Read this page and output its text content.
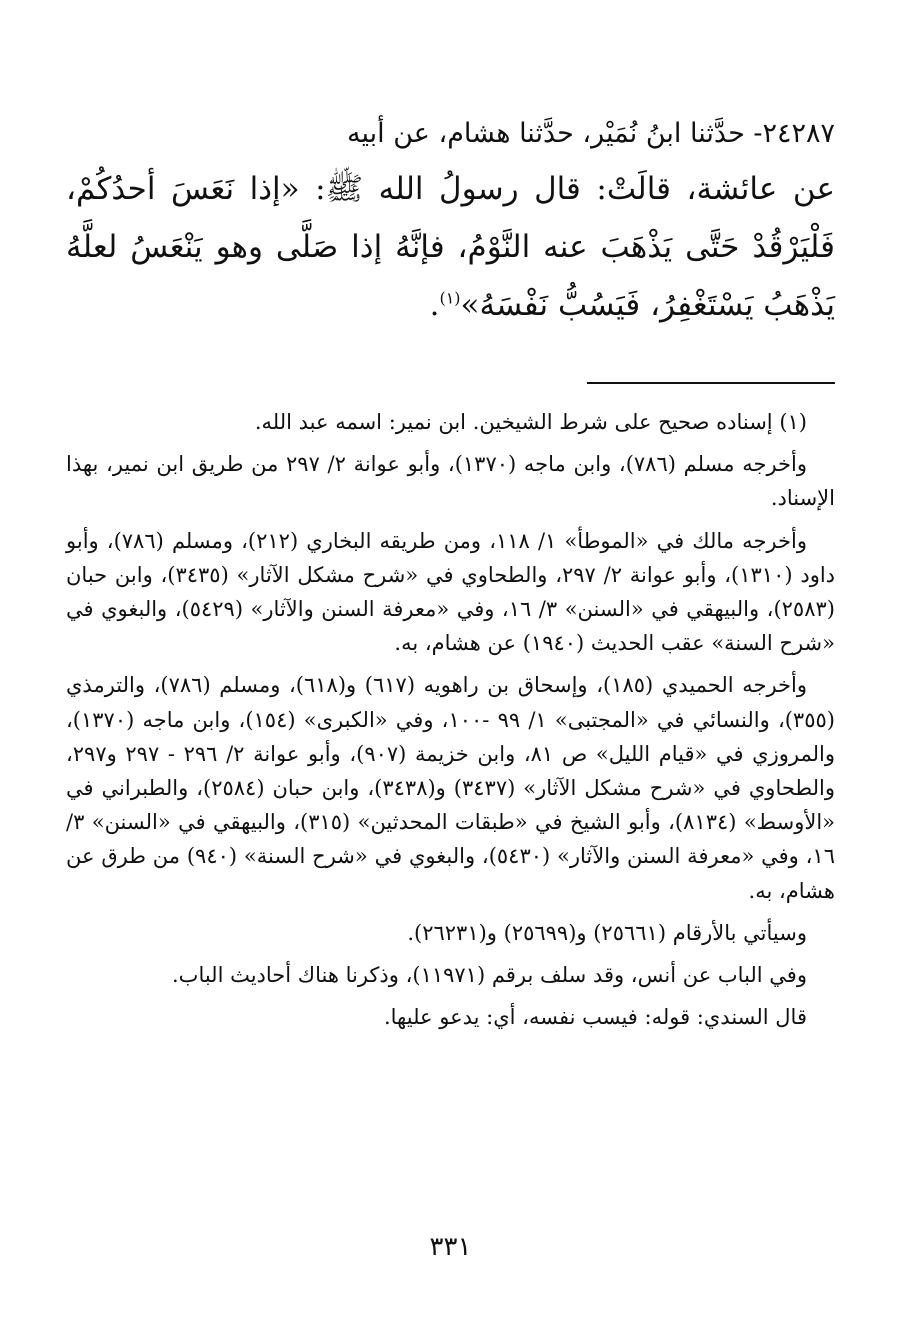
٢٤٢٨٧- حدَّثنا ابنُ نُمَيْر، حدَّثنا هشام، عن أبيه

عن عائشة، قالَتْ: قال رسولُ الله ﷺ: «إذا نَعَسَ أحدُكُمْ، فَلْيَرْقُدْ حَتَّى يَذْهَبَ عنه النَّوْمُ، فإنَّهُ إذا صَلَّى وهو يَنْعَسُ لعلَّهُ يَذْهَبُ يَسْتَغْفِرُ، فَيَسُبُّ نَفْسَهُ»$^{(١)}$.

(١) إسناده صحيح على شرط الشيخين. ابن نمير: اسمه عبد الله.

وأخرجه مسلم (٧٨٦)، وابن ماجه (١٣٧٠)، وأبو عوانة ٢/ ٢٩٧ من طريق ابن نمير، بهذا الإسناد.

وأخرجه مالك في «الموطأ» ١/ ١١٨، ومن طريقه البخاري (٢١٢)، ومسلم (٧٨٦)، وأبو داود (١٣١٠)، وأبو عوانة ٢/ ٢٩٧، والطحاوي في «شرح مشكل الآثار» (٣٤٣٥)، وابن حبان (٢٥٨٣)، والبيهقي في «السنن» ٣/ ١٦، وفي «معرفة السنن والآثار» (٥٤٢٩)، والبغوي في «شرح السنة» عقب الحديث (١٩٤٠) عن هشام، به.

وأخرجه الحميدي (١٨٥)، وإسحاق بن راهويه (٦١٧) و(٦١٨)، ومسلم (٧٨٦)، والترمذي (٣٥٥)، والنسائي في «المجتبى» ١/ ٩٩ -١٠٠، وفي «الكبرى» (١٥٤)، وابن ماجه (١٣٧٠)، والمروزي في «قيام الليل» ص ٨١، وابن خزيمة (٩٠٧)، وأبو عوانة ٢/ ٢٩٦ - ٢٩٧ و٢٩٧، والطحاوي في «شرح مشكل الآثار» (٣٤٣٧) و(٣٤٣٨)، وابن حبان (٢٥٨٤)، والطبراني في «الأوسط» (٨١٣٤)، وأبو الشيخ في «طبقات المحدثين» (٣١٥)، والبيهقي في «السنن» ٣/ ١٦، وفي «معرفة السنن والآثار» (٥٤٣٠)، والبغوي في «شرح السنة» (٩٤٠) من طرق عن هشام، به.

وسيأتي بالأرقام (٢٥٦٦١) و(٢٥٦٩٩) و(٢٦٢٣١).

وفي الباب عن أنس، وقد سلف برقم (١١٩٧١)، وذكرنا هناك أحاديث الباب.

قال السندي: قوله: فيسب نفسه، أي: يدعو عليها.

٣٣١
